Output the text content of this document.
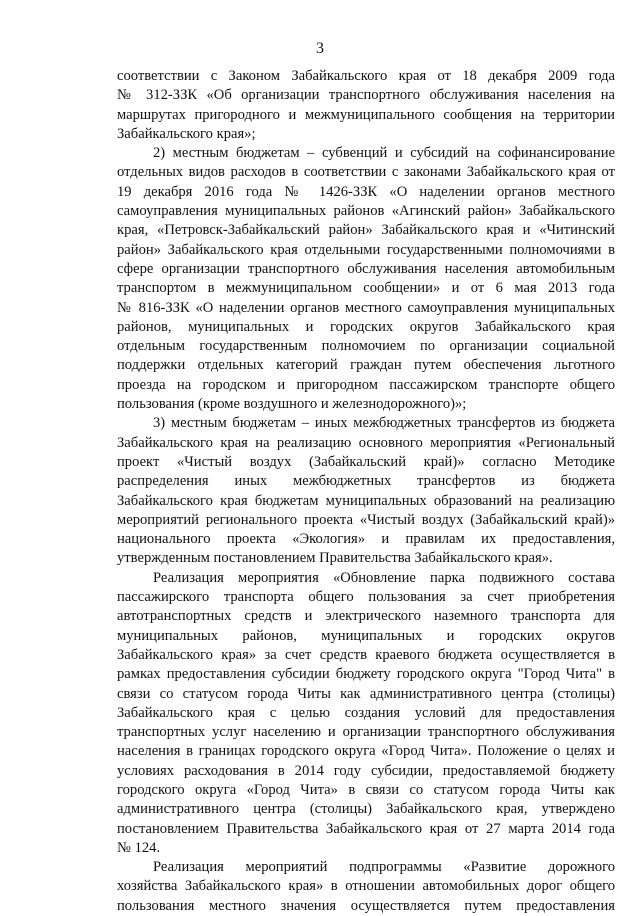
3
соответствии с Законом Забайкальского края от 18 декабря 2009 года
№ 312-ЗЗК «Об организации транспортного обслуживания населения на
маршрутах пригородного и межмуниципального сообщения на территории
Забайкальского края»;
2) местным бюджетам – субвенций и субсидий на софинансирование
отдельных видов расходов в соответствии с законами Забайкальского края от
19 декабря 2016 года № 1426-ЗЗК «О наделении органов местного
самоуправления муниципальных районов «Агинский район» Забайкальского
края, «Петровск-Забайкальский район» Забайкальского края и «Читинский
район» Забайкальского края отдельными государственными полномочиями в
сфере организации транспортного обслуживания населения автомобильным
транспортом в межмуниципальном сообщении» и от 6 мая 2013 года
№ 816-ЗЗК «О наделении органов местного самоуправления муниципальных
районов, муниципальных и городских округов Забайкальского края
отдельным государственным полномочием по организации социальной
поддержки отдельных категорий граждан путем обеспечения льготного
проезда на городском и пригородном пассажирском транспорте общего
пользования (кроме воздушного и железнодорожного)»;
3) местным бюджетам – иных межбюджетных трансфертов из бюджета
Забайкальского края на реализацию основного мероприятия «Региональный
проект «Чистый воздух (Забайкальский край)» согласно Методике
распределения иных межбюджетных трансфертов из бюджета
Забайкальского края бюджетам муниципальных образований на реализацию
мероприятий регионального проекта «Чистый воздух (Забайкальский край)»
национального проекта «Экология» и правилам их предоставления,
утвержденным постановлением Правительства Забайкальского края».
Реализация мероприятия «Обновление парка подвижного состава
пассажирского транспорта общего пользования за счет приобретения
автотранспортных средств и электрического наземного транспорта для
муниципальных районов, муниципальных и городских округов
Забайкальского края» за счет средств краевого бюджета осуществляется в
рамках предоставления субсидии бюджету городского округа "Город Чита" в
связи со статусом города Читы как административного центра (столицы)
Забайкальского края с целью создания условий для предоставления
транспортных услуг населению и организации транспортного обслуживания
населения в границах городского округа «Город Чита». Положение о целях и
условиях расходования в 2014 году субсидии, предоставляемой бюджету
городского округа «Город Чита» в связи со статусом города Читы как
административного центра (столицы) Забайкальского края, утверждено
постановлением Правительства Забайкальского края от 27 марта 2014 года
№ 124.
Реализация мероприятий подпрограммы «Развитие дорожного
хозяйства Забайкальского края» в отношении автомобильных дорог общего
пользования местного значения осуществляется путем предоставления
